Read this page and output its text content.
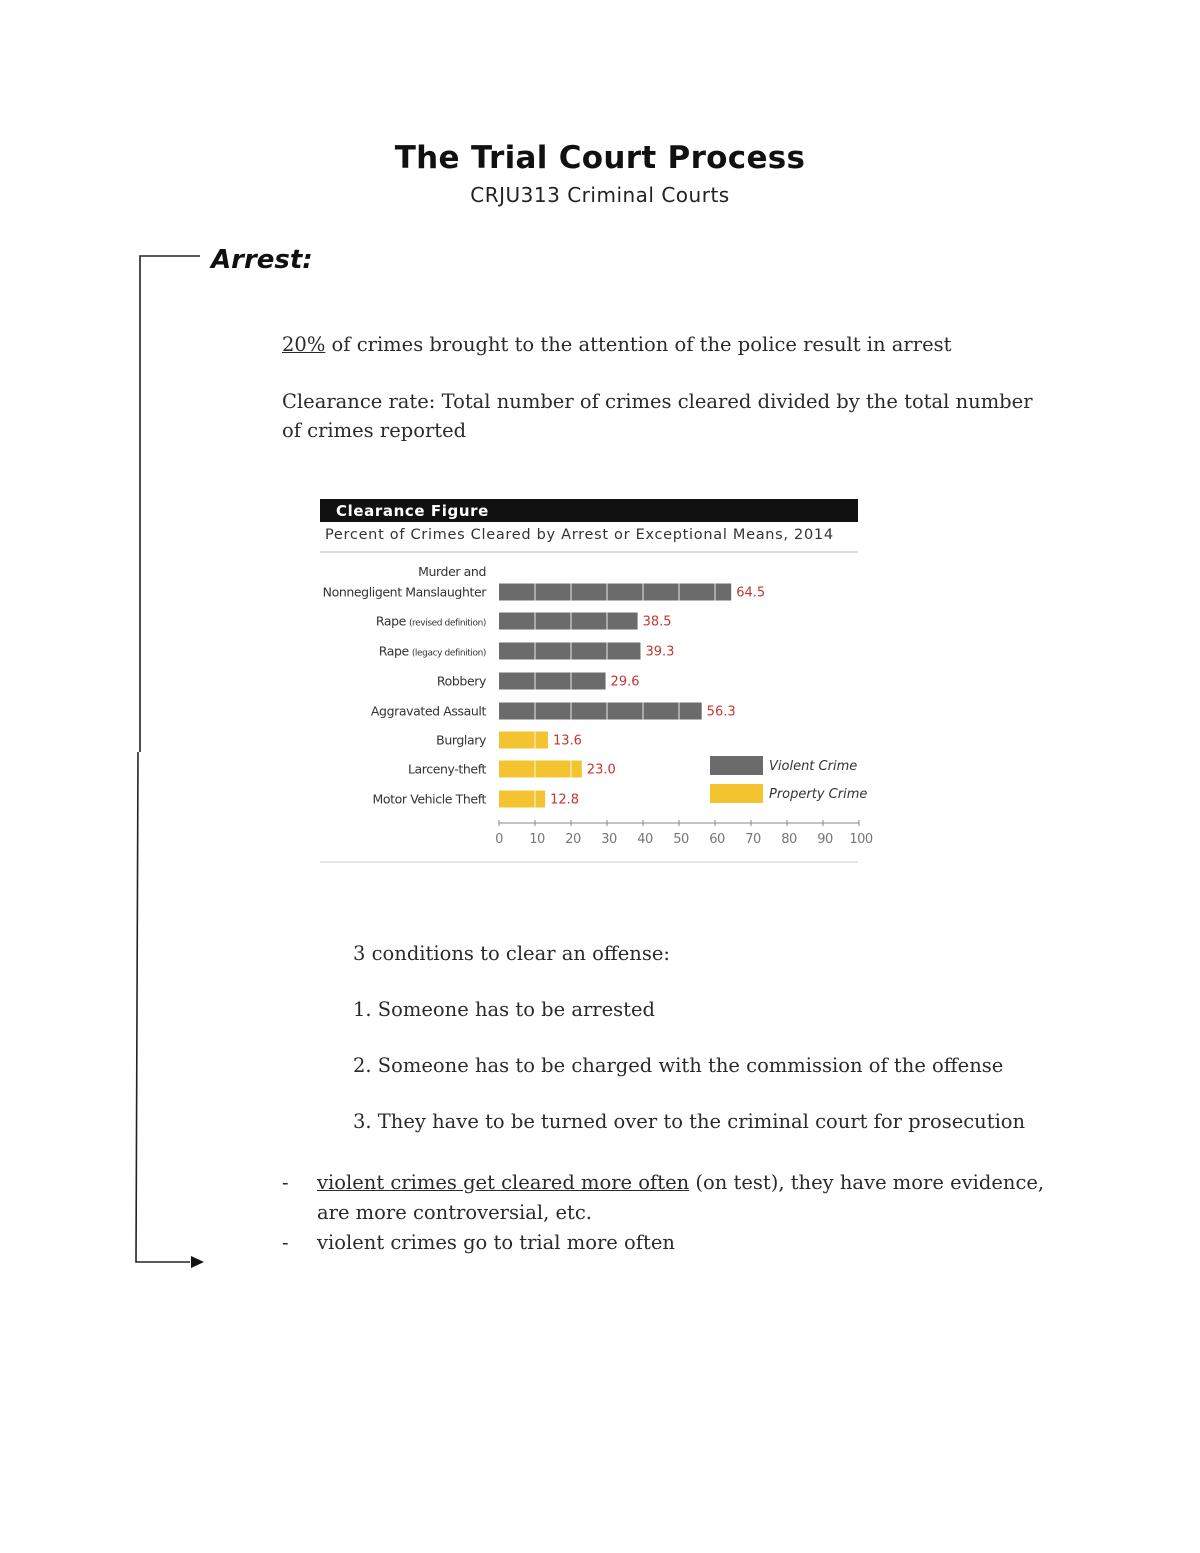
The Trial Court Process
CRJU313 Criminal Courts
Arrest:
20% of crimes brought to the attention of the police result in arrest
Clearance rate: Total number of crimes cleared divided by the total number of crimes reported
Clearance Figure
Percent of Crimes Cleared by Arrest or Exceptional Means, 2014
64.5
Murder and
Nonnegligent Manslaughter
38.5
Rape (revised definition)
39.3
Rape (legacy definition)
29.6
Robbery
56.3
Aggravated Assault
13.6
Burglary
23.0
Larceny-theft
12.8
Motor Vehicle Theft
0 10 20 30 40 50 60 70 80 90 100
Violent Crime
Property Crime
3 conditions to clear an offense:
1. Someone has to be arrested
2. Someone has to be charged with the commission of the offense
3. They have to be turned over to the criminal court for prosecution
- violent crimes get cleared more often (on test), they have more evidence, are more controversial, etc.
- violent crimes go to trial more often
